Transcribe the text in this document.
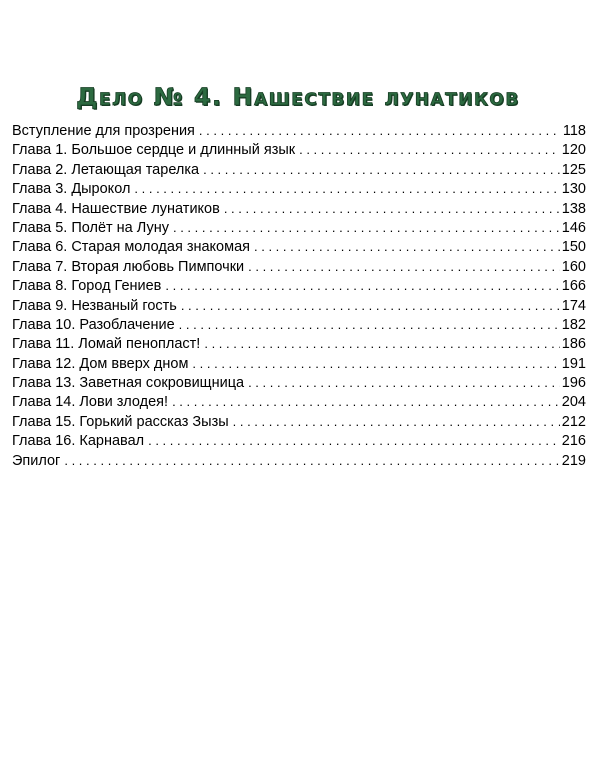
Дело № 4. Нашествие лунатиков
Вступление для прозрения . . .	118
Глава 1. Большое сердце и длинный язык . . .	120
Глава 2. Летающая тарелка . . .	125
Глава 3. Дырокол . . .	130
Глава 4. Нашествие лунатиков . . .	138
Глава 5. Полёт на Луну . . .	146
Глава 6. Старая молодая знакомая . . .	150
Глава 7. Вторая любовь Пимпочки . . .	160
Глава 8. Город Гениев . . .	166
Глава 9. Незваный гость . . .	174
Глава 10. Разоблачение . . .	182
Глава 11. Ломай пенопласт! . . .	186
Глава 12. Дом вверх дном . . .	191
Глава 13. Заветная сокровищница . . .	196
Глава 14. Лови злодея! . . .	204
Глава 15. Горький рассказ Зызы . . .	212
Глава 16. Карнавал . . .	216
Эпилог . . .	219
